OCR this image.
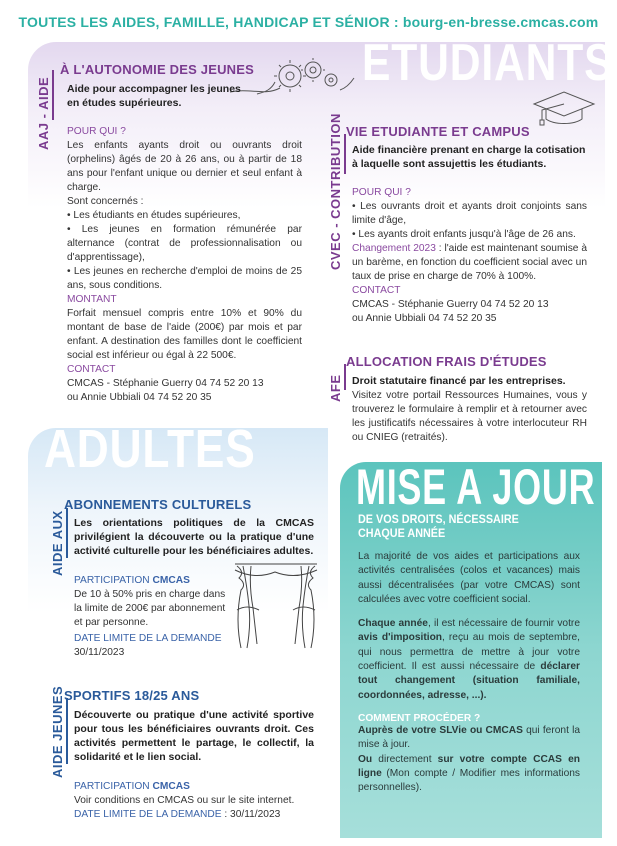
TOUTES LES AIDES, FAMILLE, HANDICAP ET SÉNIOR : bourg-en-bresse.cmcas.com
ETUDIANTS
ADULTES
MISE A JOUR
AAJ - AIDE
À L'AUTONOMIE DES JEUNES
Aide pour accompagner les jeunes en études supérieures.
POUR QUI ?
Les enfants ayants droit ou ouvrants droit (orphelins) âgés de 20 à 26 ans, ou à partir de 18 ans pour l'enfant unique ou dernier et seul enfant à charge.
Sont concernés :
• Les étudiants en études supérieures,
• Les jeunes en formation rémunérée par alternance (contrat de professionnalisation ou d'apprentissage),
• Les jeunes en recherche d'emploi de moins de 25 ans, sous conditions.
MONTANT
Forfait mensuel compris entre 10% et 90% du montant de base de l'aide (200€) par mois et par enfant. A destination des familles dont le coefficient social est inférieur ou égal à 22 500€.
CONTACT
CMCAS - Stéphanie Guerry 04 74 52 20 13
ou Annie Ubbiali 04 74 52 20 35
CVEC - CONTRIBUTION VIE ETUDIANTE ET CAMPUS
Aide financière prenant en charge la cotisation à laquelle sont assujettis les étudiants.
POUR QUI ?
• Les ouvrants droit et ayants droit conjoints sans limite d'âge,
• Les ayants droit enfants jusqu'à l'âge de 26 ans.
Changement 2023 : l'aide est maintenant soumise à un barème, en fonction du coefficient social avec un taux de prise en charge de 70% à 100%.
CONTACT
CMCAS - Stéphanie Guerry 04 74 52 20 13
ou Annie Ubbiali 04 74 52 20 35
AFE
ALLOCATION FRAIS D'ÉTUDES
Droit statutaire financé par les entreprises.
Visitez votre portail Ressources Humaines, vous y trouverez le formulaire à remplir et à retourner avec les justificatifs nécessaires à votre interlocuteur RH ou CNIEG (retraités).
AIDE AUX
ABONNEMENTS CULTURELS
Les orientations politiques de la CMCAS privilégient la découverte ou la pratique d'une activité culturelle pour les bénéficiaires adultes.
PARTICIPATION CMCAS
De 10 à 50% pris en charge dans la limite de 200€ par abonnement et par personne.
DATE LIMITE DE LA DEMANDE
30/11/2023
AIDE JEUNES SPORTIFS 18/25 ANS
Découverte ou pratique d'une activité sportive pour tous les bénéficiaires ouvrants droit. Ces activités permettent le partage, le collectif, la solidarité et le lien social.
PARTICIPATION CMCAS
Voir conditions en CMCAS ou sur le site internet.
DATE LIMITE DE LA DEMANDE : 30/11/2023
DE VOS DROITS, NÉCESSAIRE
CHAQUE ANNÉE
La majorité de vos aides et participations aux activités centralisées (colos et vacances) mais aussi décentralisées (par votre CMCAS) sont calculées avec votre coefficient social.
Chaque année, il est nécessaire de fournir votre avis d'imposition, reçu au mois de septembre, qui nous permettra de mettre à jour votre coefficient. Il est aussi nécessaire de déclarer tout changement (situation familiale, coordonnées, adresse, ...).
COMMENT PROCÉDER ?
Auprès de votre SLVie ou CMCAS qui feront la mise à jour.
Ou directement sur votre compte CCAS en ligne (Mon compte / Modifier mes informations personnelles).
